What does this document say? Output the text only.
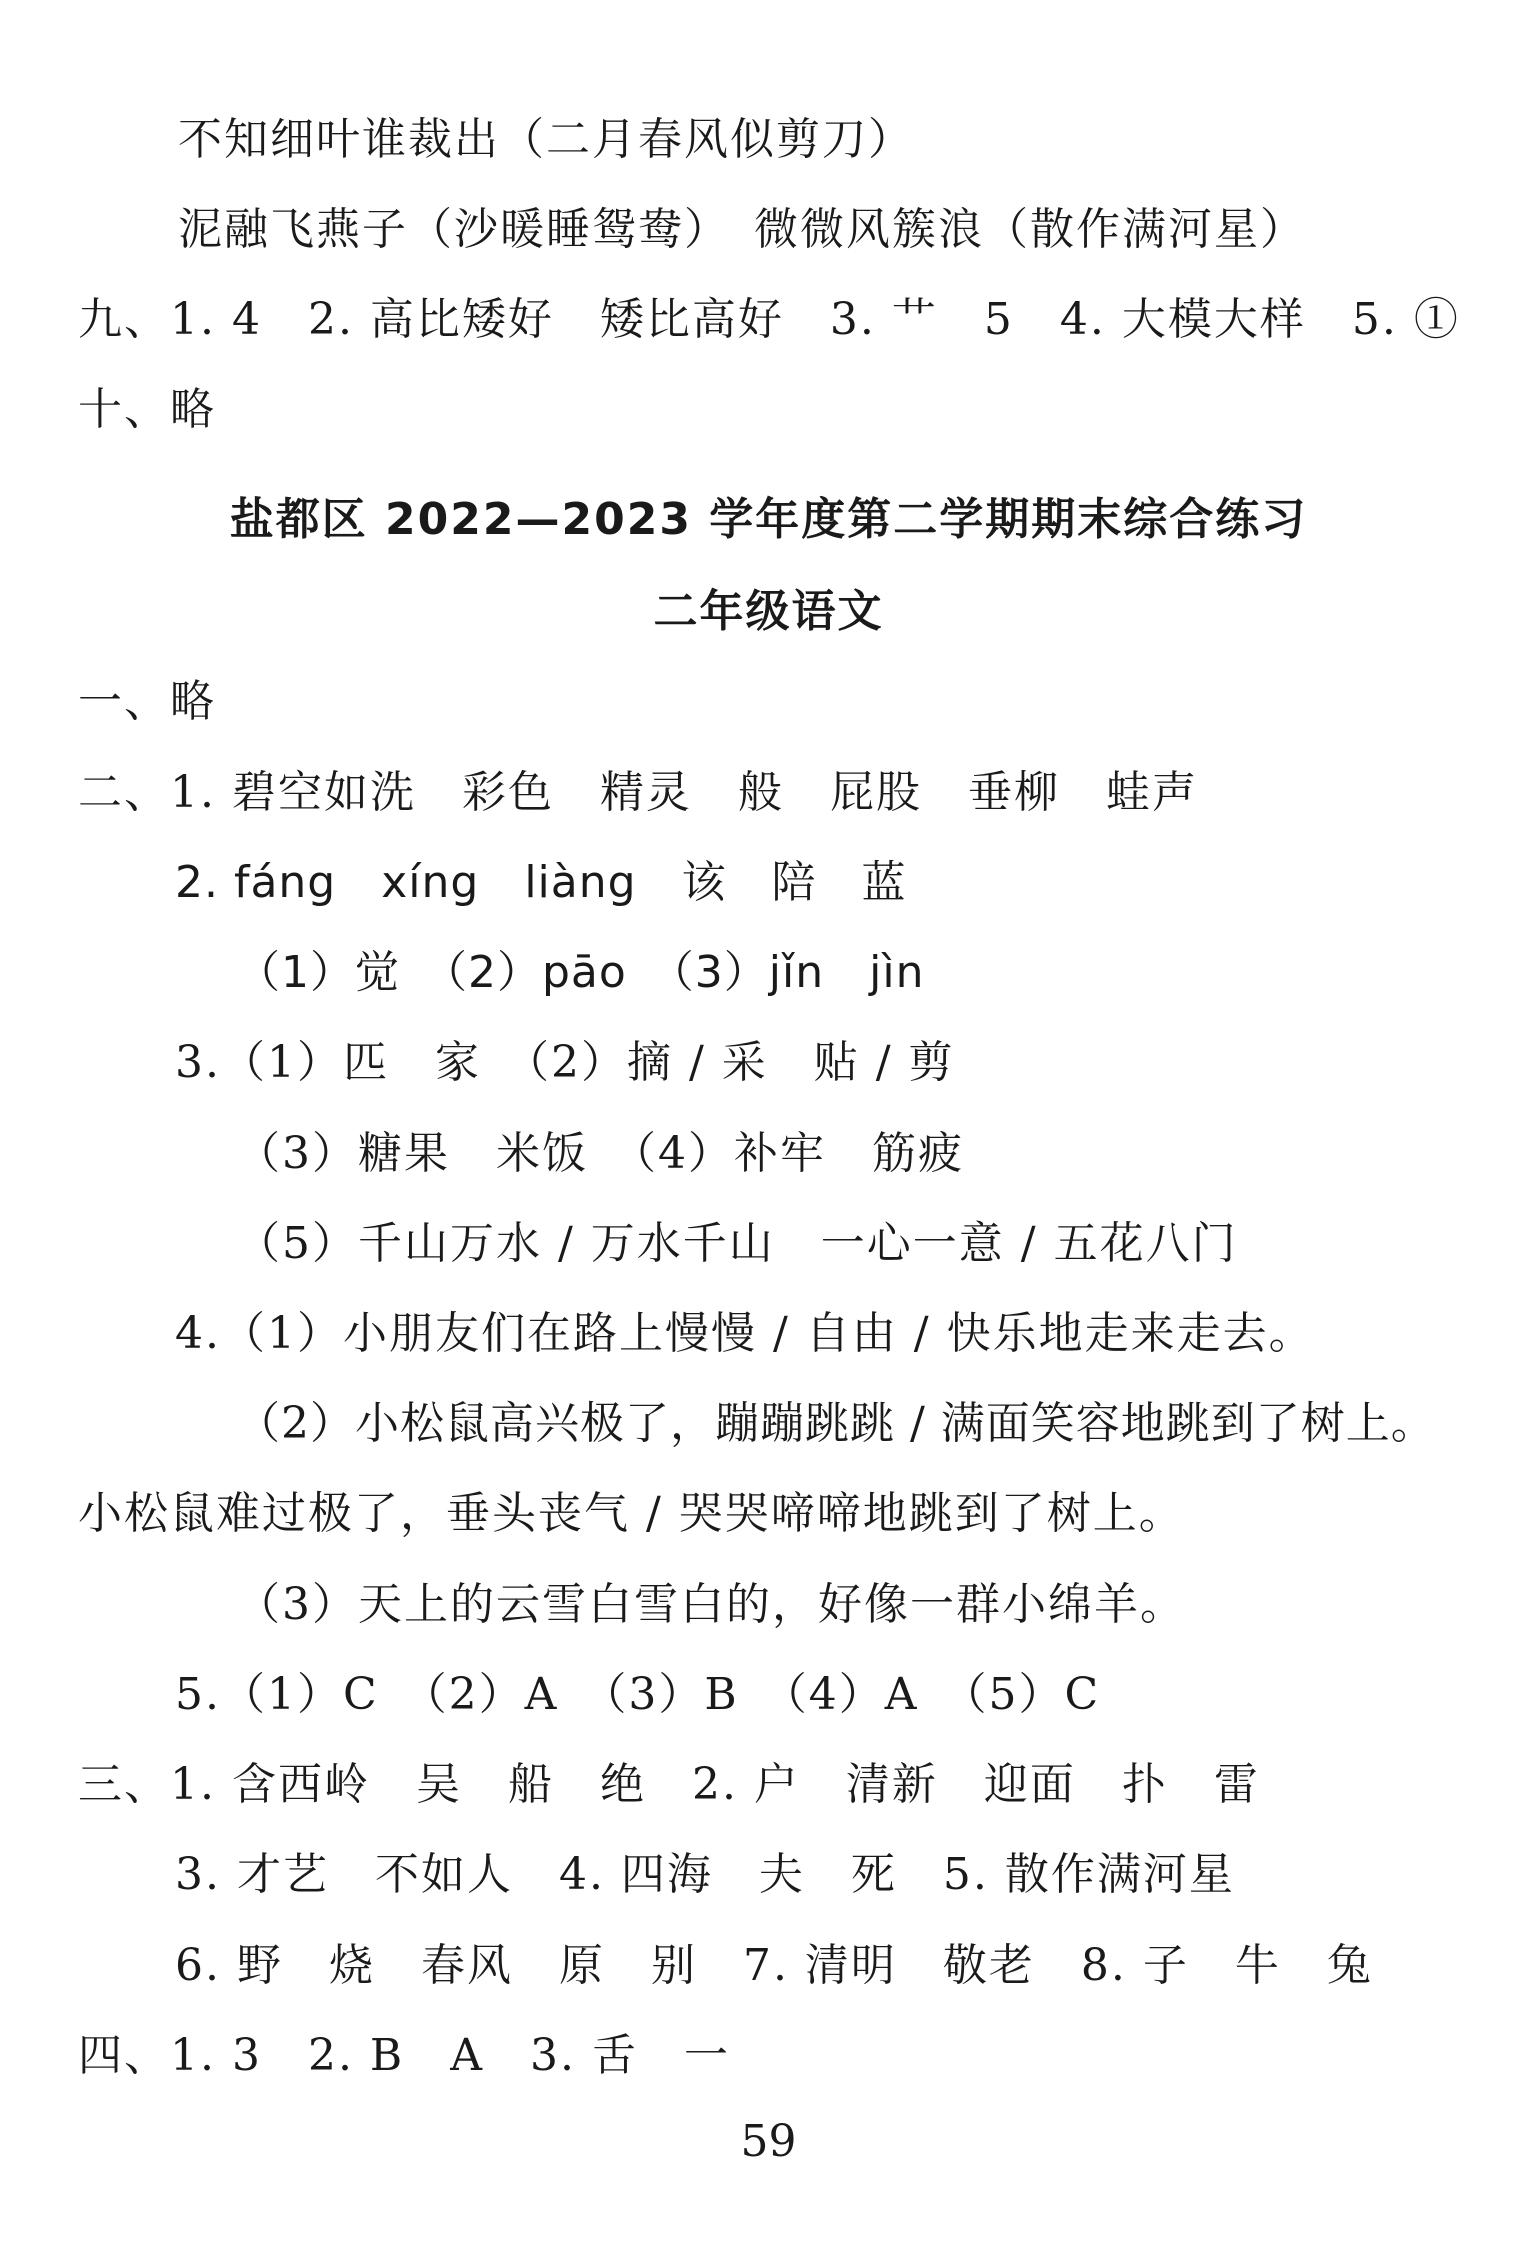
不知细叶谁裁出（二月春风似剪刀）
泥融飞燕子（沙暖睡鸳鸯）　微微风簇浪（散作满河星）
九、1. 4　2. 高比矮好　矮比高好　3. 艹　5　4. 大模大样　5. ①
十、略
盐都区 2022—2023 学年度第二学期期末综合练习
二年级语文
一、略
二、1. 碧空如洗　彩色　精灵　般　屁股　垂柳　蛙声
2. fáng　xíng　liàng　该　陪　蓝
（1）觉　（2）pāo　（3）jǐn　jìn
3.（1）匹　家　（2）摘 / 采　贴 / 剪
（3）糖果　米饭　（4）补牢　筋疲
（5）千山万水 / 万水千山　一心一意 / 五花八门
4.（1）小朋友们在路上慢慢 / 自由 / 快乐地走来走去。
（2）小松鼠高兴极了，蹦蹦跳跳 / 满面笑容地跳到了树上。
小松鼠难过极了，垂头丧气 / 哭哭啼啼地跳到了树上。
（3）天上的云雪白雪白的，好像一群小绵羊。
5.（1）C　（2）A　（3）B　（4）A　（5）C
三、1. 含西岭　吴　船　绝　2. 户　清新　迎面　扑　雷
3. 才艺　不如人　4. 四海　夫　死　5. 散作满河星
6. 野　烧　春风　原　别　7. 清明　敬老　8. 子　牛　兔
四、1. 3　2. B　A　3. 舌　一
59
